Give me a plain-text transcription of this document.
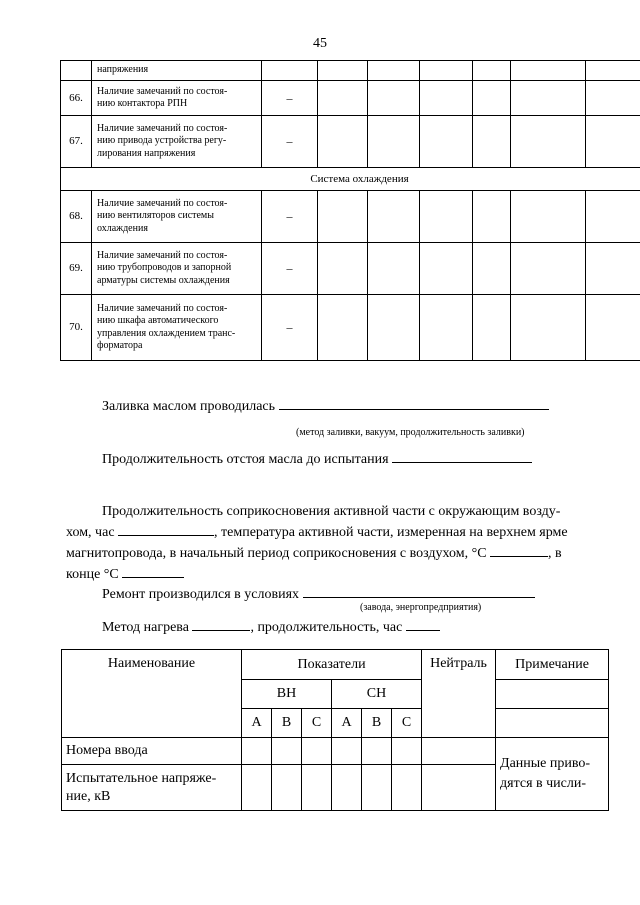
45

	напряжения							

66.	Наличие замечаний по состоя-
нию контактора РПН	–						
67.	Наличие замечаний по состоя-
нию привода устройства регу-
лирования напряжения	–						
Система охлаждения								
68.	Наличие замечаний по состоя-
нию вентиляторов системы
охлаждения	–						
69.	Наличие замечаний по состоя-
нию трубопроводов и запорной
арматуры системы охлаждения	–						
70.	Наличие замечаний по состоя-
нию шкафа автоматического
управления охлаждением транс-
форматора	–						
Заливка маслом проводилась
(метод заливки, вакуум, продолжительность заливки)
Продолжительность отстоя масла до испытания
Продолжительность соприкосновения активной части с окружающим возду-
хом, час	, температура активной части, измеренная на верхнем ярме
магнитопровода, в начальный период соприкосновения с воздухом, °С	, в
конце °С
Ремонт производился в условиях
(завода, энергопредприятия)
Метод нагрева	, продолжительность, час
Наименование	Показатели						Нейтраль	Примечание
	ВН			СН				
	А	В	С	А	В	С		
Номера ввода								Данные приво-
дятся в числи-

Испытательное напряже-
ние, кВ								
